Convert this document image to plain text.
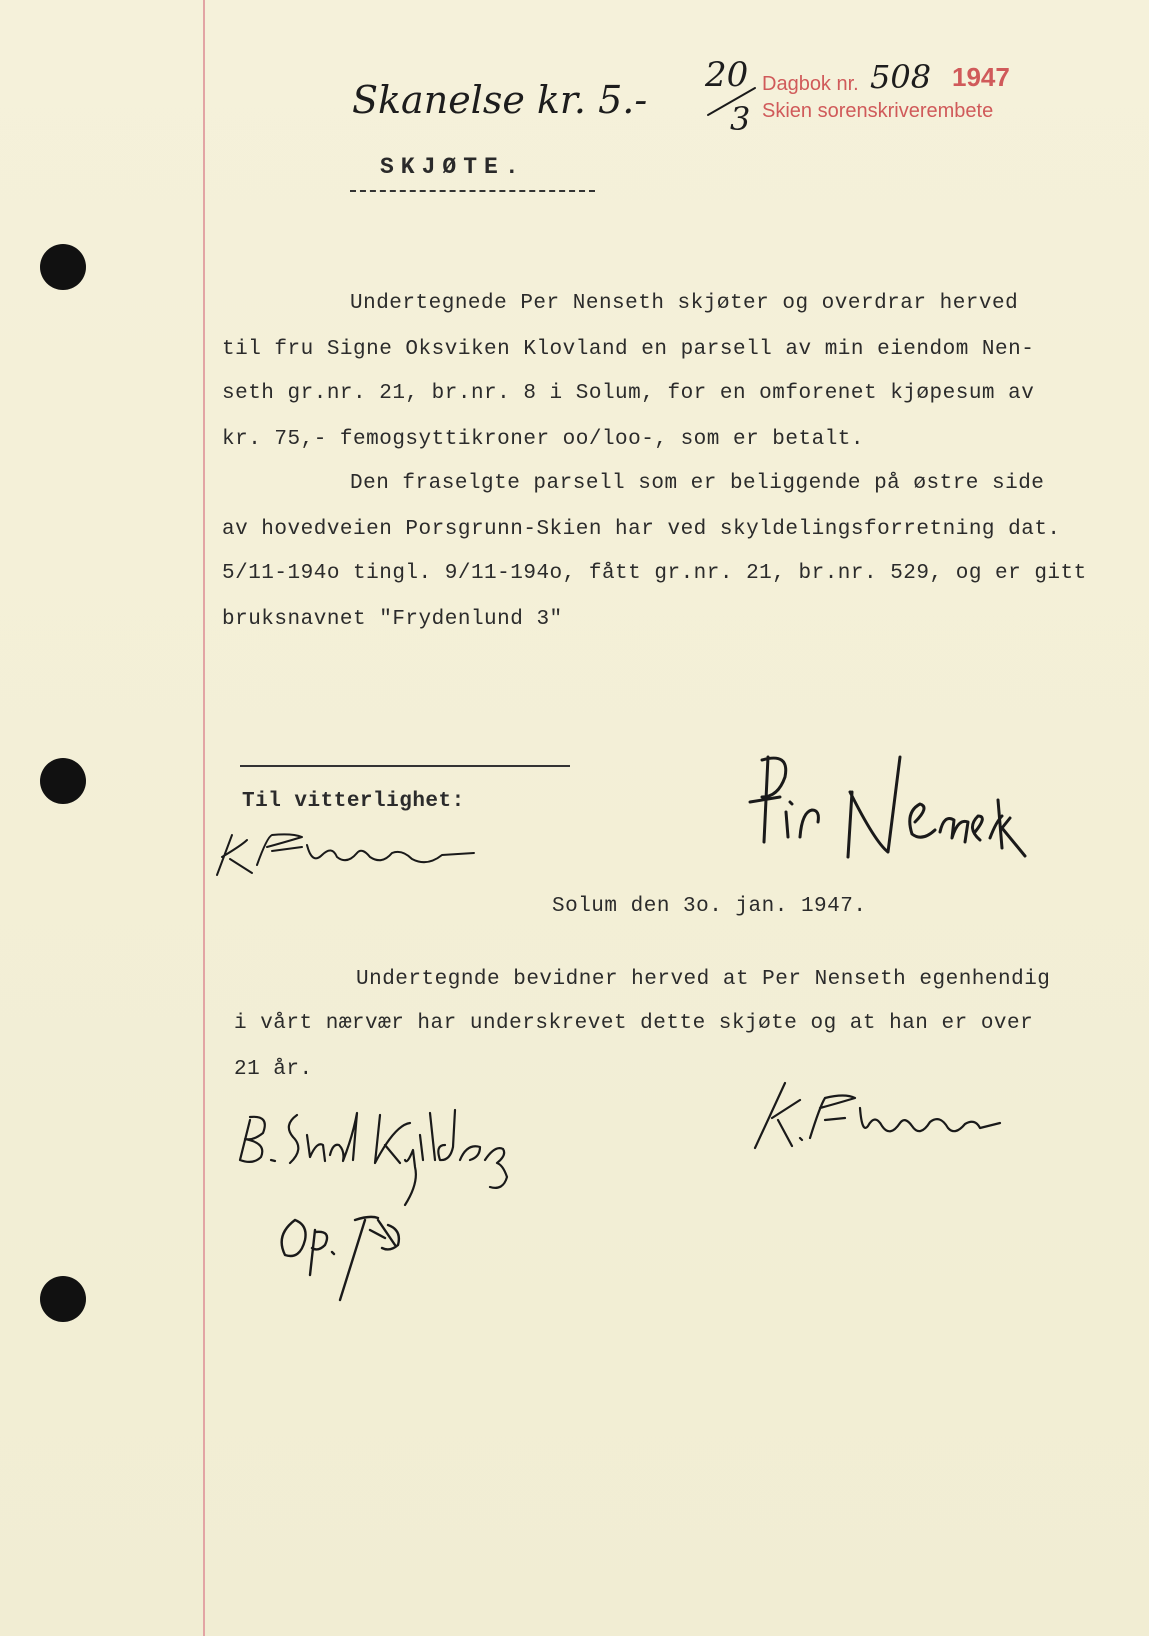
Skanelse kr. 5.-
20
3
Dagbok nr. 508 1947
Skien sorenskriverembete
SKJØTE.
Undertegnede Per Nenseth skjøter og overdrar herved
til fru Signe Oksviken Klovland en parsell av min eiendom Nen-
seth gr.nr. 21, br.nr. 8 i Solum, for en omforenet kjøpesum av
kr. 75,- femogsyttikroner oo/loo-, som er betalt.
Den fraselgte parsell som er beliggende på østre side
av hovedveien Porsgrunn-Skien har ved skyldelingsforretning dat.
5/11-194o tingl. 9/11-194o, fått gr.nr. 21, br.nr. 529, og er gitt
bruksnavnet "Frydenlund 3"
Til vitterlighet:
Solum den 3o. jan. 1947.
Undertegnde bevidner herved at Per Nenseth egenhendig
i vårt nærvær har underskrevet dette skjøte og at han er over
21 år.
